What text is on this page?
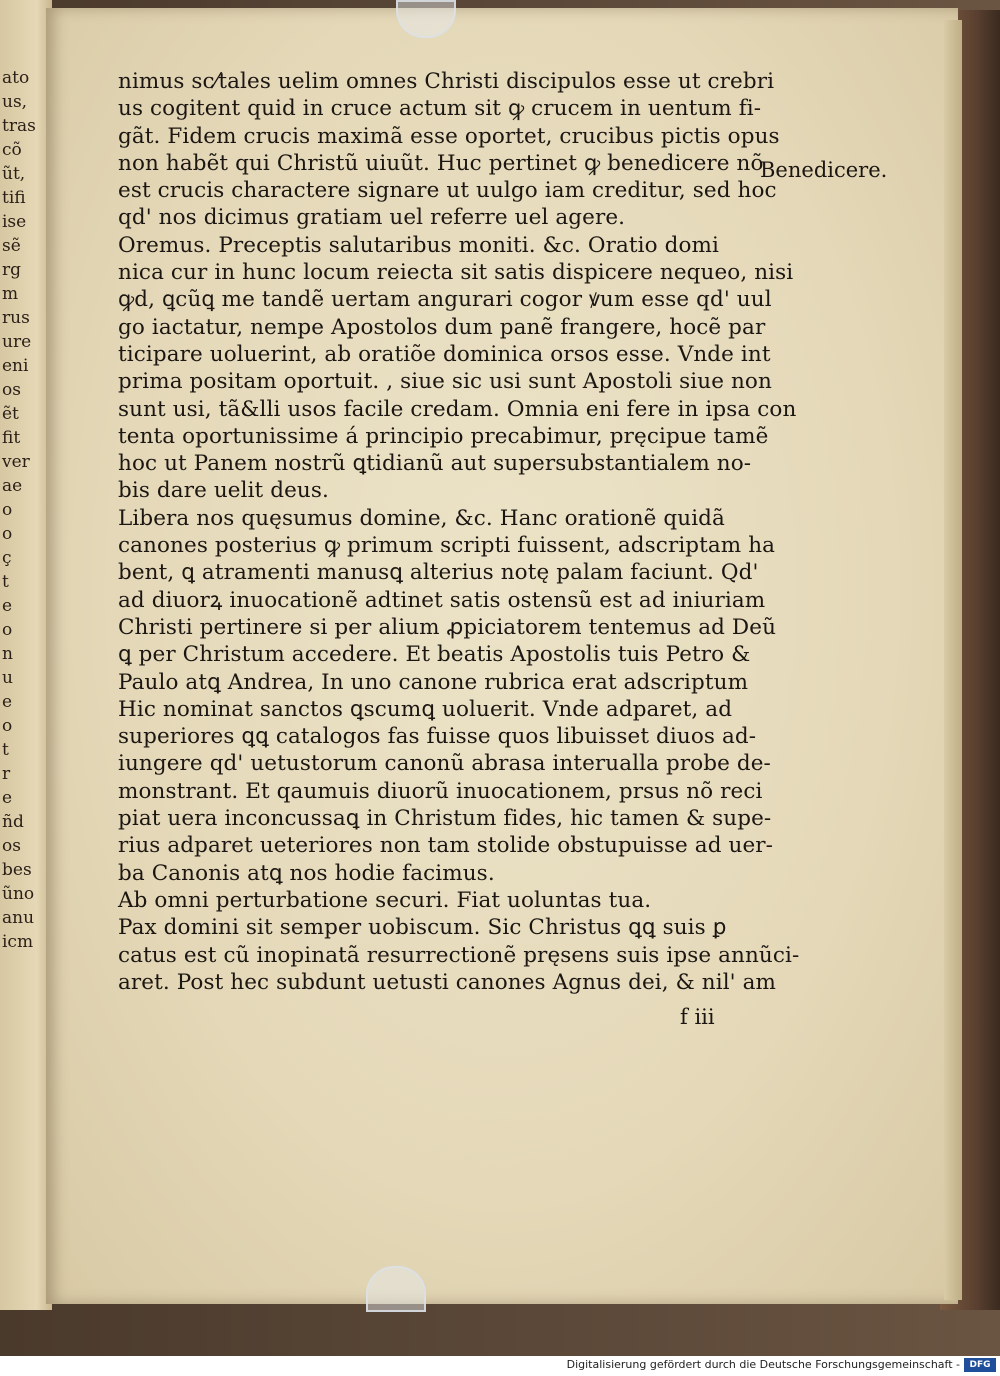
ato
us,
tras
cõ
ũt,
tifi
ise
sẽ
rg
m
rus
ure
eni
os
ẽt
fit
ver
ae
o
o
ç
t
e
o
n
u
e
o
t
r
e
ñd
os
bes
ũno
anu
icm
nimus sc⁄tales uelim omnes Christi discipulos esse ut crebri
us cogitent quid in cruce actum sit ꝙ crucem in uentum fi-
gãt. Fidem crucis maximã esse oportet, crucibus pictis opus
non habẽt qui Christũ uiuũt. Huc pertinet ꝙ benedicere nõ
est crucis charactere signare ut uulgo iam creditur, sed hoc
qd' nos dicimus gratiam uel referre uel agere.
Oremus. Preceptis salutaribus moniti. &c. Oratio domi
nica cur in hunc locum reiecta sit satis dispicere nequeo, nisi
ꝙd, ꝗcũꝗ me tandẽ uertam angurari cogor ꝟum esse qd' uul
go iactatur, nempe Apostolos dum panẽ frangere, hocẽ par
ticipare uoluerint, ab oratiõe dominica orsos esse. Vnde int
prima positam oportuit. , siue sic usi sunt Apostoli siue non
sunt usi, tã&lli usos facile credam. Omnia eni fere in ipsa con
tenta oportunissime á principio precabimur, pręcipue tamẽ
hoc ut Panem nostrũ ꝗtidianũ aut supersubstantialem no-
bis dare uelit deus.
Libera nos quęsumus domine, &c. Hanc orationẽ quidã
canones posterius ꝙ primum scripti fuissent, adscriptam ha
bent, ꝗ atramenti manusꝗ alterius notę palam faciunt. Qd'
ad diuorꝝ inuocationẽ adtinet satis ostensũ est ad iniuriam
Christi pertinere si per alium ꝓpiciatorem tentemus ad Deũ
ꝗ per Christum accedere. Et beatis Apostolis tuis Petro &
Paulo atꝗ Andrea, In uno canone rubrica erat adscriptum
Hic nominat sanctos ꝗscumꝗ uoluerit. Vnde adparet, ad
superiores ꝗꝗ catalogos fas fuisse quos libuisset diuos ad-
iungere qd' uetustorum canonũ abrasa interualla probe de-
monstrant. Et qaumuis diuorũ inuocationem, prsus nõ reci
piat uera inconcussaꝗ in Christum fides, hic tamen & supe-
rius adparet ueteriores non tam stolide obstupuisse ad uer-
ba Canonis atꝗ nos hodie facimus.
Ab omni perturbatione securi. Fiat uoluntas tua.
Pax domini sit semper uobiscum. Sic Christus ꝗꝗ suis ꝑ
catus est cũ inopinatã resurrectionẽ pręsens suis ipse annũci-
aret. Post hec subdunt uetusti canones Agnus dei, & nil' am
Benedicere.
f iii
Digitalisierung gefördert durch die Deutsche Forschungsgemeinschaft -	DFG
